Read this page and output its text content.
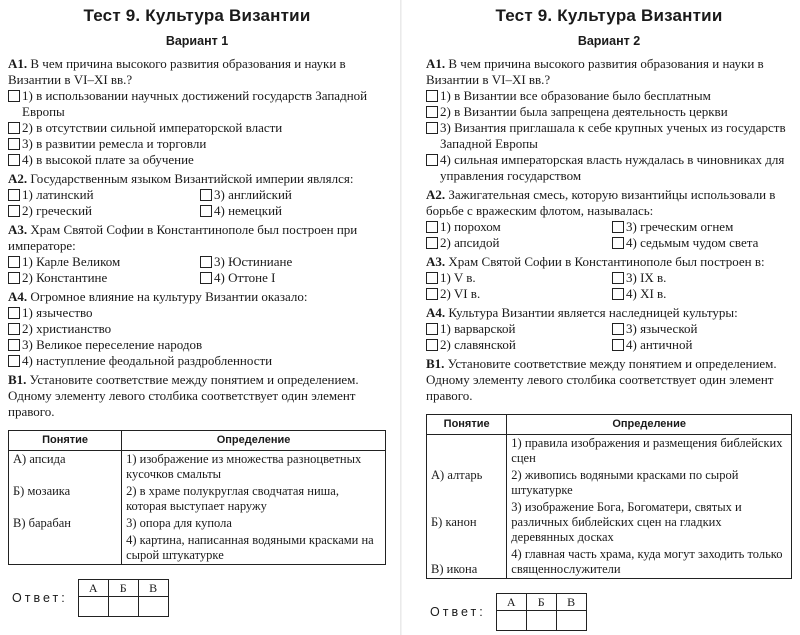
Тест 9. Культура Византии
Вариант 1
А1. В чем причина высокого развития образования и науки в Византии в VI–XI вв.?
1) в использовании научных достижений государств Западной Европы
2) в отсутствии сильной императорской власти
3) в развитии ремесла и торговли
4) в высокой плате за обучение
А2. Государственным языком Византийской империи являлся:
1) латинский	3) английский
2) греческий	4) немецкий
А3. Храм Святой Софии в Константинополе был построен при императоре:
1) Карле Великом	3) Юстиниане
2) Константине	4) Оттоне I
А4. Огромное влияние на культуру Византии оказало:
1) язычество
2) христианство
3) Великое переселение народов
4) наступление феодальной раздробленности
В1. Установите соответствие между понятием и определением. Одному элементу левого столбика соответствует один элемент правого.
Понятие	Определение
А) апсида	1) изображение из множества разноцветных кусочков смальты
Б) мозаика	2) в храме полукруглая сводчатая ниша, которая выступает наружу
В) барабан	3) опора для купола
	4) картина, написанная водяными красками на сырой штукатурке
Ответ:
А	Б	В

Тест 9. Культура Византии
Вариант 2
А1. В чем причина высокого развития образования и науки в Византии в VI–XI вв.?
1) в Византии все образование было бесплатным
2) в Византии была запрещена деятельность церкви
3) Византия приглашала к себе крупных ученых из государств Западной Европы
4) сильная императорская власть нуждалась в чиновниках для управления государством
А2. Зажигательная смесь, которую византийцы использовали в борьбе с вражеским флотом, называлась:
1) порохом	3) греческим огнем
2) апсидой	4) седьмым чудом света
А3. Храм Святой Софии в Константинополе был построен в:
1) V в.	3) IX в.
2) VI в.	4) XI в.
А4. Культура Византии является наследницей культуры:
1) варварской	3) языческой
2) славянской	4) античной
В1. Установите соответствие между понятием и определением. Одному элементу левого столбика соответствует один элемент правого.
Понятие	Определение
	1) правила изображения и размещения библейских сцен
А) алтарь	2) живопись водяными красками по сырой штукатурке
Б) канон	3) изображение Бога, Богоматери, святых и различных библейских сцен на гладких деревянных досках
В) икона	4) главная часть храма, куда могут заходить только священнослужители
Ответ:
А	Б	В
